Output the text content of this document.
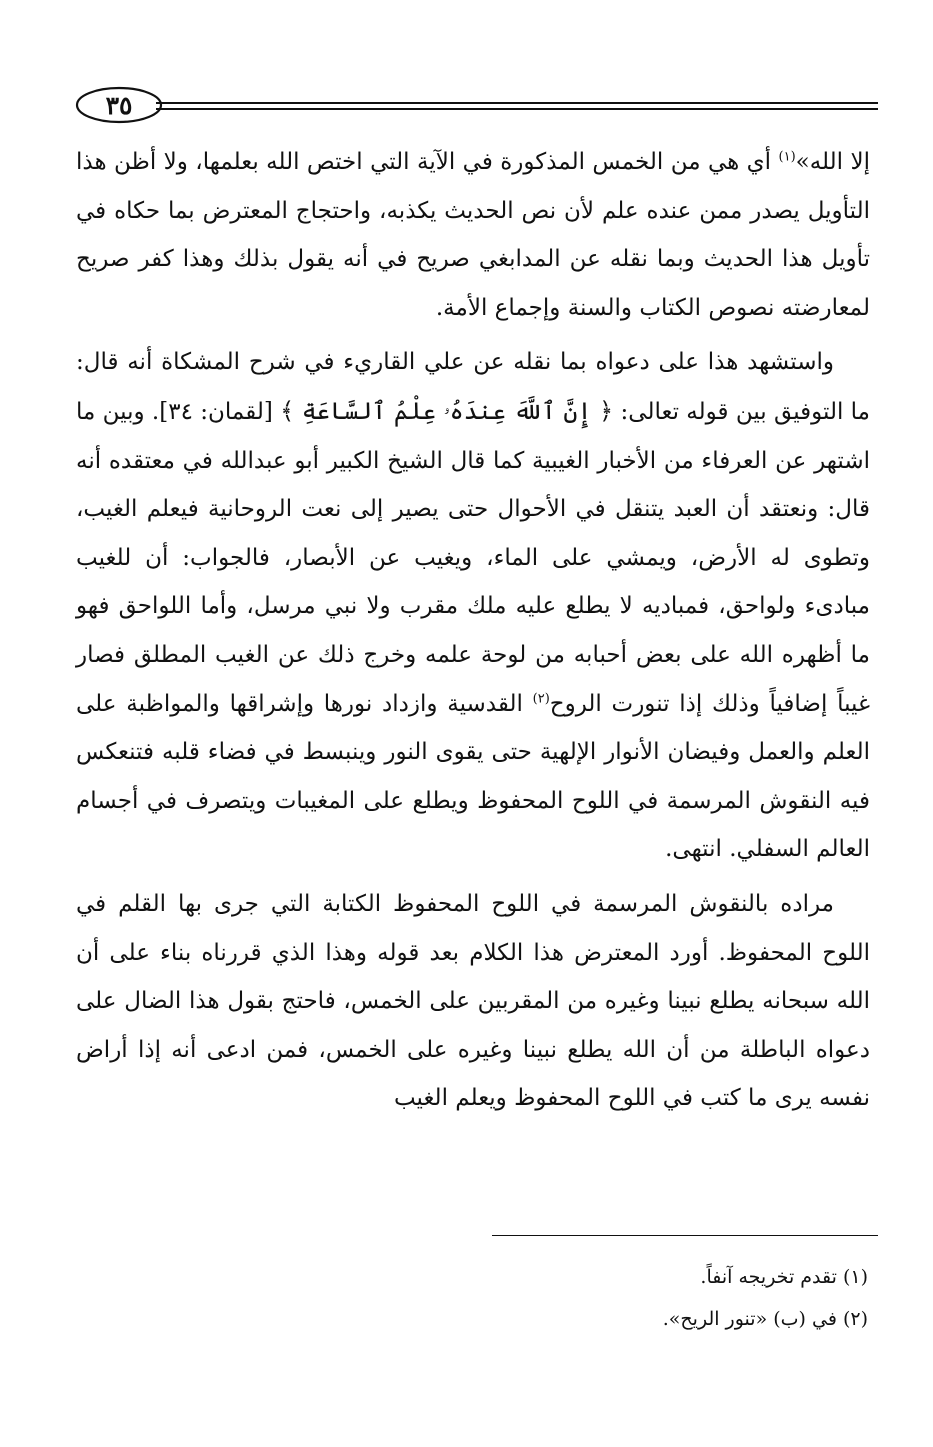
٣٥

إلا الله»$^{(١)}$ أي هي من الخمس المذكورة في الآية التي اختص الله بعلمها، ولا أظن هذا التأويل يصدر ممن عنده علم لأن نص الحديث يكذبه، واحتجاج المعترض بما حكاه في تأويل هذا الحديث وبما نقله عن المدابغي صريح في أنه يقول بذلك وهذا كفر صريح لمعارضته نصوص الكتاب والسنة وإجماع الأمة.

واستشهد هذا على دعواه بما نقله عن علي القاريء في شرح المشكاة أنه قال: ما التوفيق بين قوله تعالى: ﴿ إِنَّ ٱللَّهَ عِندَهُۥ عِلْمُ ٱلسَّاعَةِ ﴾ [لقمان: ٣٤]. وبين ما اشتهر عن العرفاء من الأخبار الغيبية كما قال الشيخ الكبير أبو عبدالله في معتقده أنه قال: ونعتقد أن العبد يتنقل في الأحوال حتى يصير إلى نعت الروحانية فيعلم الغيب، وتطوى له الأرض، ويمشي على الماء، ويغيب عن الأبصار، فالجواب: أن للغيب مبادىء ولواحق، فمباديه لا يطلع عليه ملك مقرب ولا نبي مرسل، وأما اللواحق فهو ما أظهره الله على بعض أحبابه من لوحة علمه وخرج ذلك عن الغيب المطلق فصار غيباً إضافياً وذلك إذا تنورت الروح$^{(٢)}$ القدسية وازداد نورها وإشراقها والمواظبة على العلم والعمل وفيضان الأنوار الإلهية حتى يقوى النور وينبسط في فضاء قلبه فتنعكس فيه النقوش المرسمة في اللوح المحفوظ ويطلع على المغيبات ويتصرف في أجسام العالم السفلي. انتهى.

مراده بالنقوش المرسمة في اللوح المحفوظ الكتابة التي جرى بها القلم في اللوح المحفوظ. أورد المعترض هذا الكلام بعد قوله وهذا الذي قررناه بناء على أن الله سبحانه يطلع نبينا وغيره من المقربين على الخمس، فاحتج بقول هذا الضال على دعواه الباطلة من أن الله يطلع نبينا وغيره على الخمس، فمن ادعى أنه إذا أراض نفسه يرى ما كتب في اللوح المحفوظ ويعلم الغيب

(١) تقدم تخريجه آنفاً.

(٢) في (ب) «تنور الريح».
